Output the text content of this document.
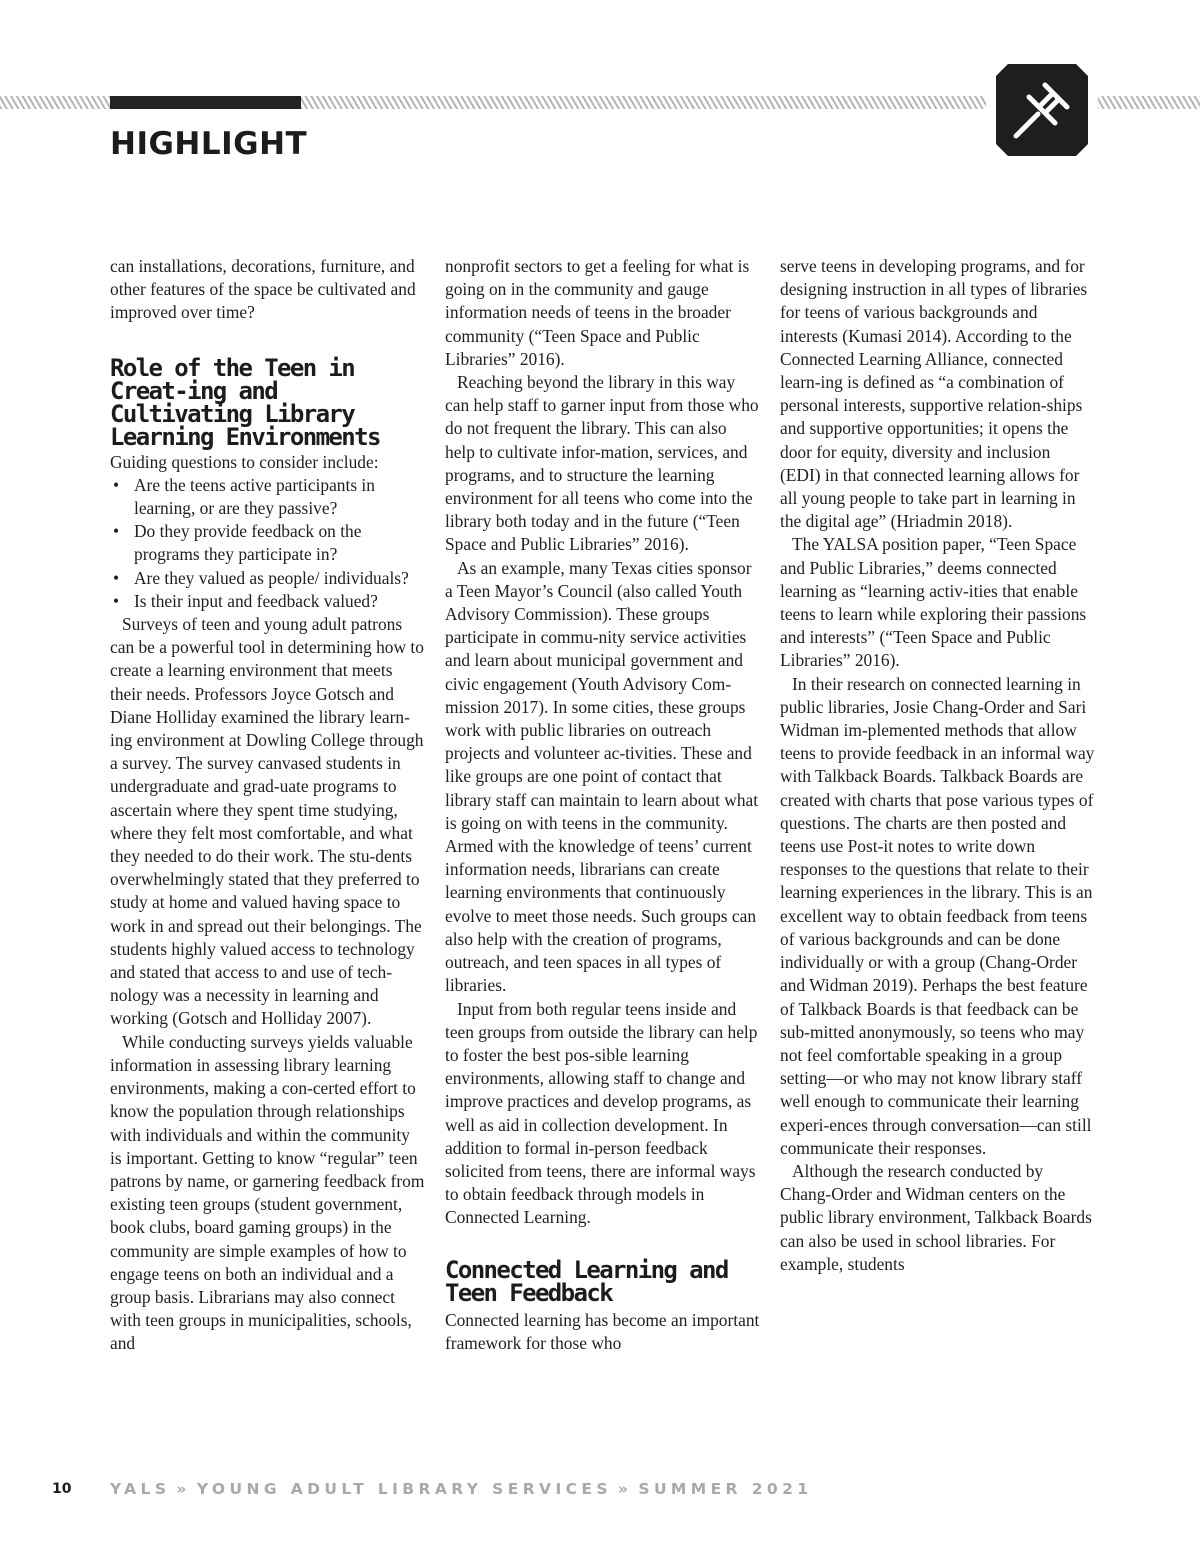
HIGHLIGHT

can installations, decorations, furniture, and other features of the space be cultivated and improved over time?

Role of the Teen in Creat-ing and Cultivating Library Learning Environments

Guiding questions to consider include:

• Are the teens active participants in learning, or are they passive?
• Do they provide feedback on the programs they participate in?
• Are they valued as people/ individuals?
• Is their input and feedback valued?

Surveys of teen and young adult patrons can be a powerful tool in determining how to create a learning environment that meets their needs. Professors Joyce Gotsch and Diane Holliday examined the library learn-ing environment at Dowling College through a survey. The survey canvased students in undergraduate and grad-uate programs to ascertain where they spent time studying, where they felt most comfortable, and what they needed to do their work. The stu-dents overwhelmingly stated that they preferred to study at home and valued having space to work in and spread out their belongings. The students highly valued access to technology and stated that access to and use of tech-nology was a necessity in learning and working (Gotsch and Holliday 2007).

While conducting surveys yields valuable information in assessing library learning environments, making a con-certed effort to know the population through relationships with individuals and within the community is important. Getting to know “regular” teen patrons by name, or garnering feedback from existing teen groups (student government, book clubs, board gaming groups) in the community are simple examples of how to engage teens on both an individual and a group basis. Librarians may also connect with teen groups in municipalities, schools, and

nonprofit sectors to get a feeling for what is going on in the community and gauge information needs of teens in the broader community (“Teen Space and Public Libraries” 2016).

Reaching beyond the library in this way can help staff to garner input from those who do not frequent the library. This can also help to cultivate infor-mation, services, and programs, and to structure the learning environment for all teens who come into the library both today and in the future (“Teen Space and Public Libraries” 2016).

As an example, many Texas cities sponsor a Teen Mayor’s Council (also called Youth Advisory Commission). These groups participate in commu-nity service activities and learn about municipal government and civic engagement (Youth Advisory Com-mission 2017). In some cities, these groups work with public libraries on outreach projects and volunteer ac-tivities. These and like groups are one point of contact that library staff can maintain to learn about what is going on with teens in the community. Armed with the knowledge of teens’ current information needs, librarians can create learning environments that continuously evolve to meet those needs. Such groups can also help with the creation of programs, outreach, and teen spaces in all types of libraries.

Input from both regular teens inside and teen groups from outside the library can help to foster the best pos-sible learning environments, allowing staff to change and improve practices and develop programs, as well as aid in collection development. In addition to formal in-person feedback solicited from teens, there are informal ways to obtain feedback through models in Connected Learning.

Connected Learning and Teen Feedback

Connected learning has become an important framework for those who

serve teens in developing programs, and for designing instruction in all types of libraries for teens of various backgrounds and interests (Kumasi 2014). According to the Connected Learning Alliance, connected learn-ing is defined as “a combination of personal interests, supportive relation-ships and supportive opportunities; it opens the door for equity, diversity and inclusion (EDI) in that connected learning allows for all young people to take part in learning in the digital age” (Hriadmin 2018).

The YALSA position paper, “Teen Space and Public Libraries,” deems connected learning as “learning activ-ities that enable teens to learn while exploring their passions and interests” (“Teen Space and Public Libraries” 2016).

In their research on connected learning in public libraries, Josie Chang-Order and Sari Widman im-plemented methods that allow teens to provide feedback in an informal way with Talkback Boards. Talkback Boards are created with charts that pose various types of questions. The charts are then posted and teens use Post-it notes to write down responses to the questions that relate to their learning experiences in the library. This is an excellent way to obtain feedback from teens of various backgrounds and can be done individually or with a group (Chang-Order and Widman 2019). Perhaps the best feature of Talkback Boards is that feedback can be sub-mitted anonymously, so teens who may not feel comfortable speaking in a group setting—or who may not know library staff well enough to communicate their learning experi-ences through conversation—can still communicate their responses.

Although the research conducted by Chang-Order and Widman centers on the public library environment, Talkback Boards can also be used in school libraries. For example, students

10 YALS » YOUNG ADULT LIBRARY SERVICES » SUMMER 2021
